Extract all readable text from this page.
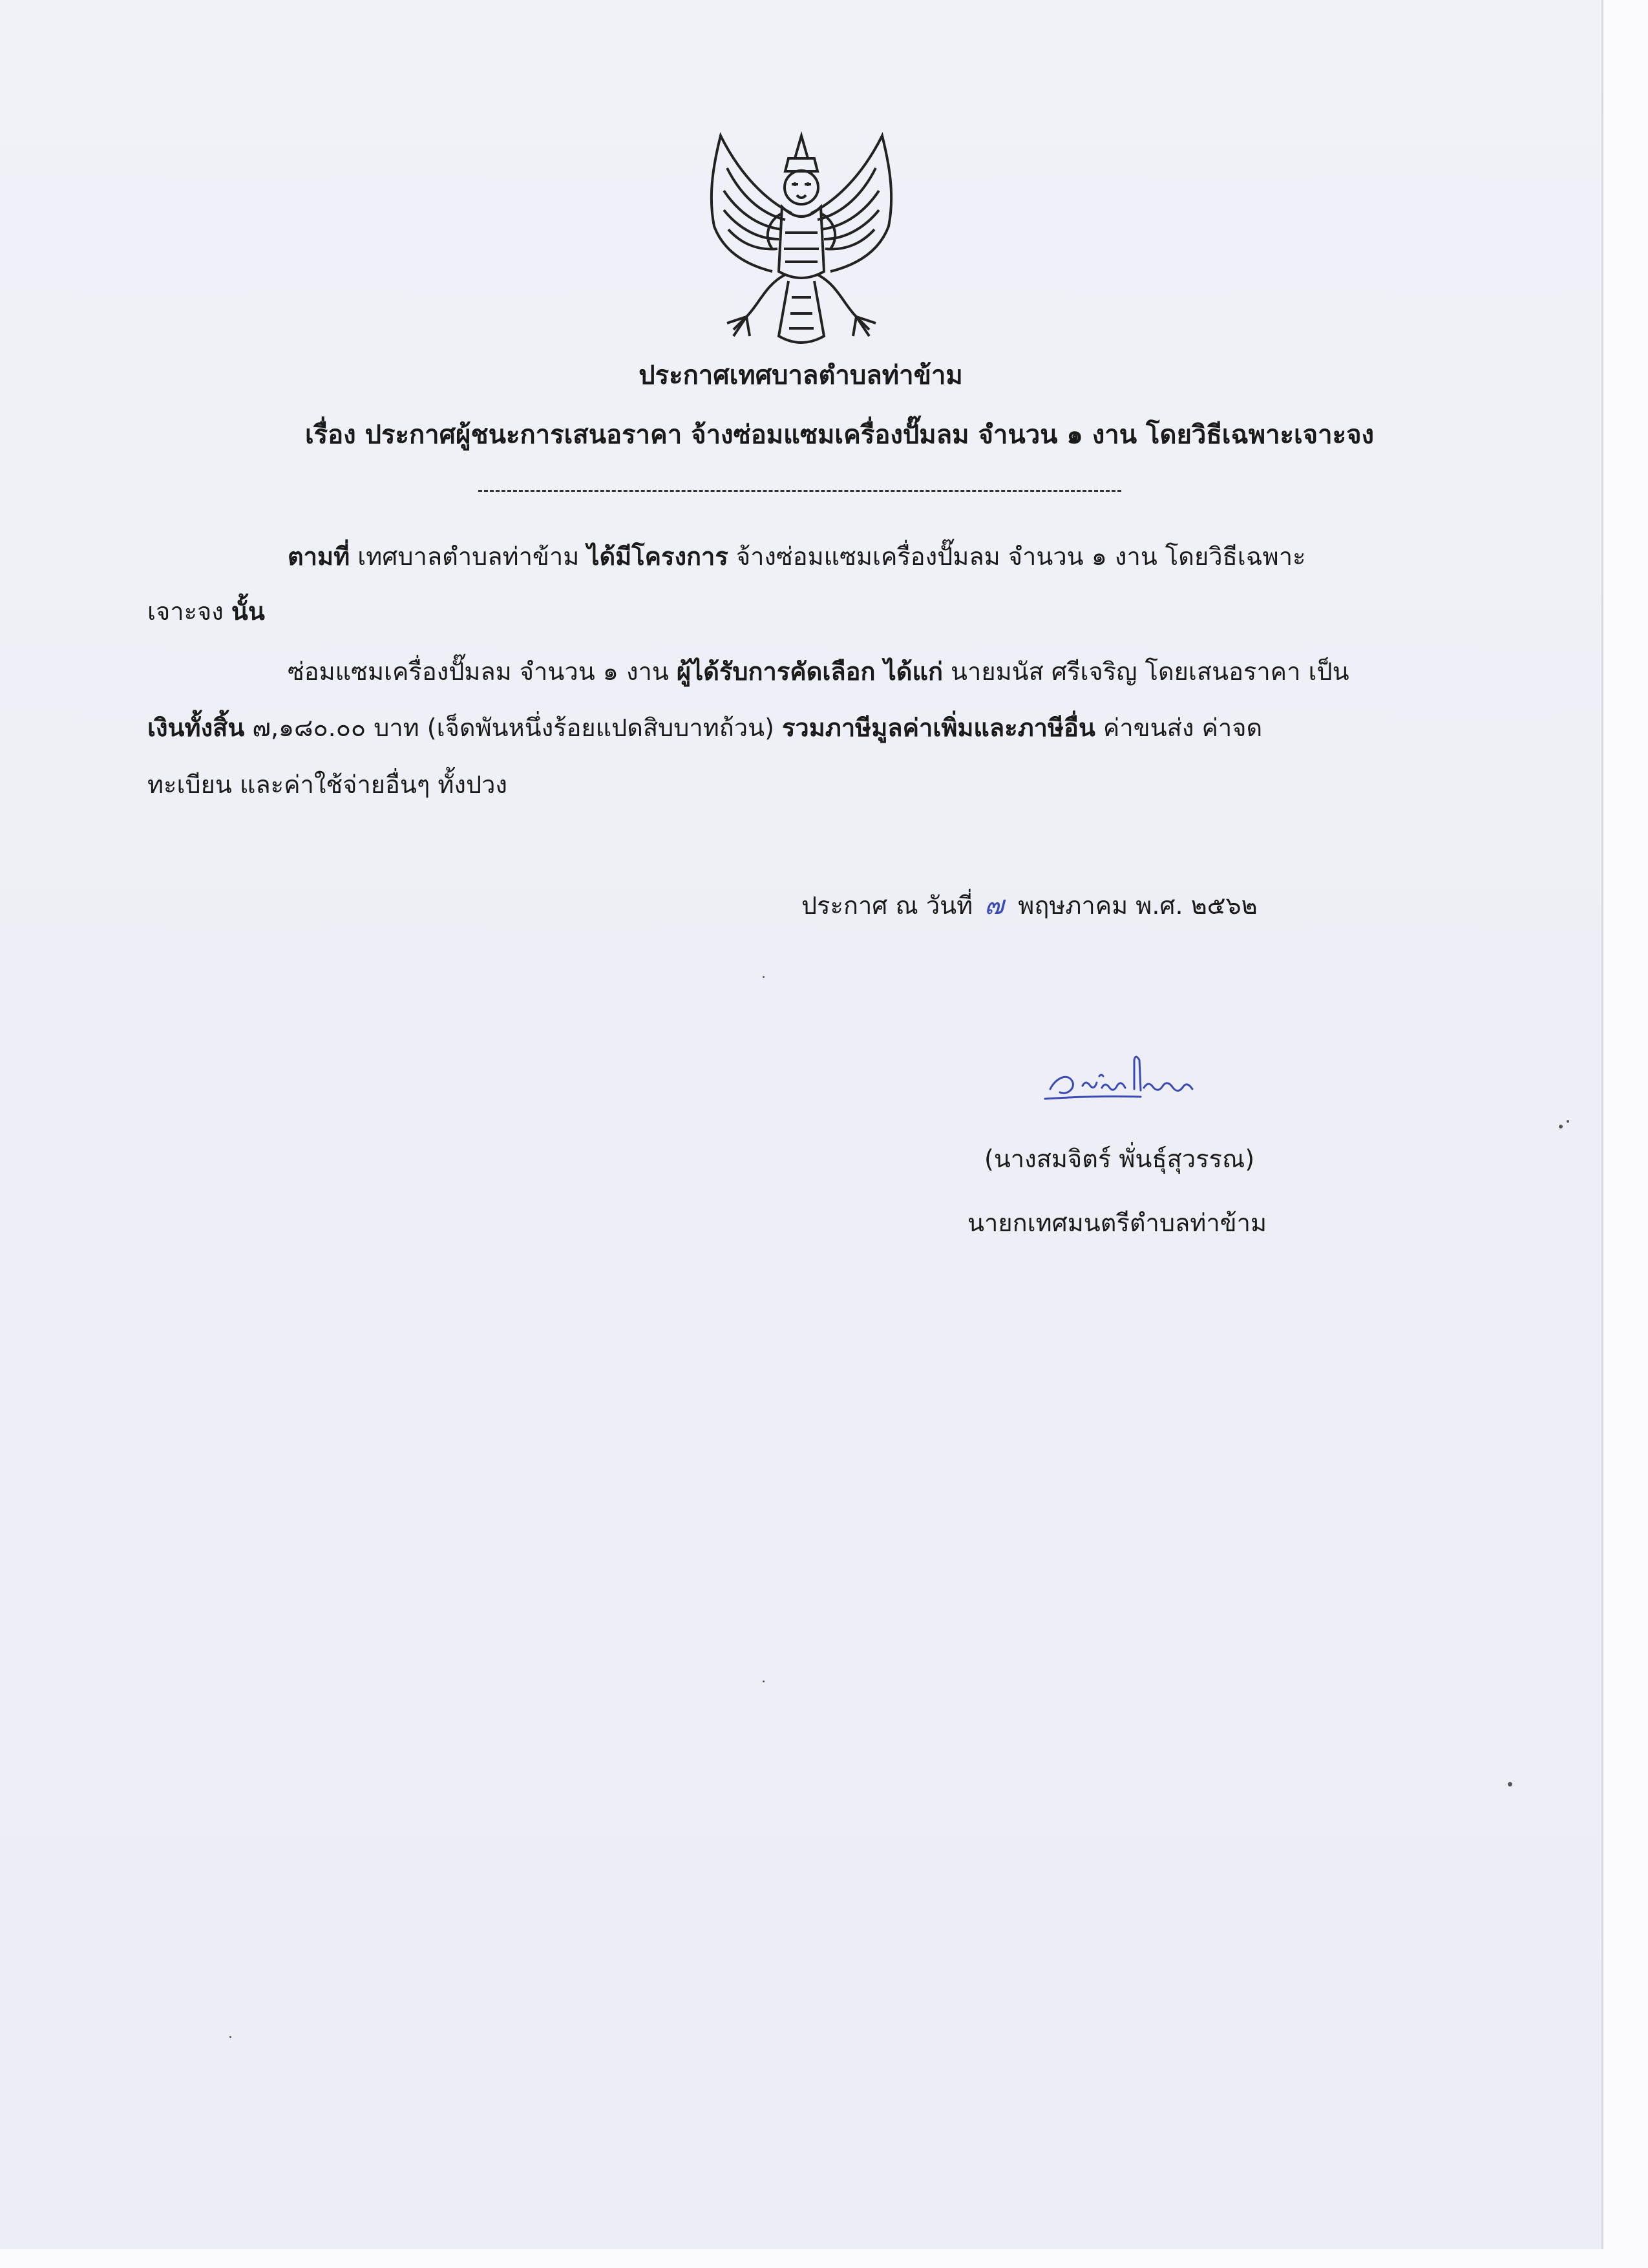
ประกาศเทศบาลตำบลท่าข้าม
เรื่อง ประกาศผู้ชนะการเสนอราคา จ้างซ่อมแซมเครื่องปั๊มลม จำนวน ๑ งาน โดยวิธีเฉพาะเจาะจง
ตามที่ เทศบาลตำบลท่าข้าม ได้มีโครงการ จ้างซ่อมแซมเครื่องปั๊มลม จำนวน ๑ งาน โดยวิธีเฉพาะ
เจาะจง นั้น
ซ่อมแซมเครื่องปั๊มลม จำนวน ๑ งาน ผู้ได้รับการคัดเลือก ได้แก่ นายมนัส ศรีเจริญ โดยเสนอราคา เป็น
เงินทั้งสิ้น ๗,๑๘๐.๐๐ บาท (เจ็ดพันหนึ่งร้อยแปดสิบบาทถ้วน) รวมภาษีมูลค่าเพิ่มและภาษีอื่น ค่าขนส่ง ค่าจด
ทะเบียน และค่าใช้จ่ายอื่นๆ ทั้งปวง
ประกาศ ณ วันที่ ๗ พฤษภาคม พ.ศ. ๒๕๖๒
(นางสมจิตร์ พั่นธุ์สุวรรณ)
นายกเทศมนตรีตำบลท่าข้าม
